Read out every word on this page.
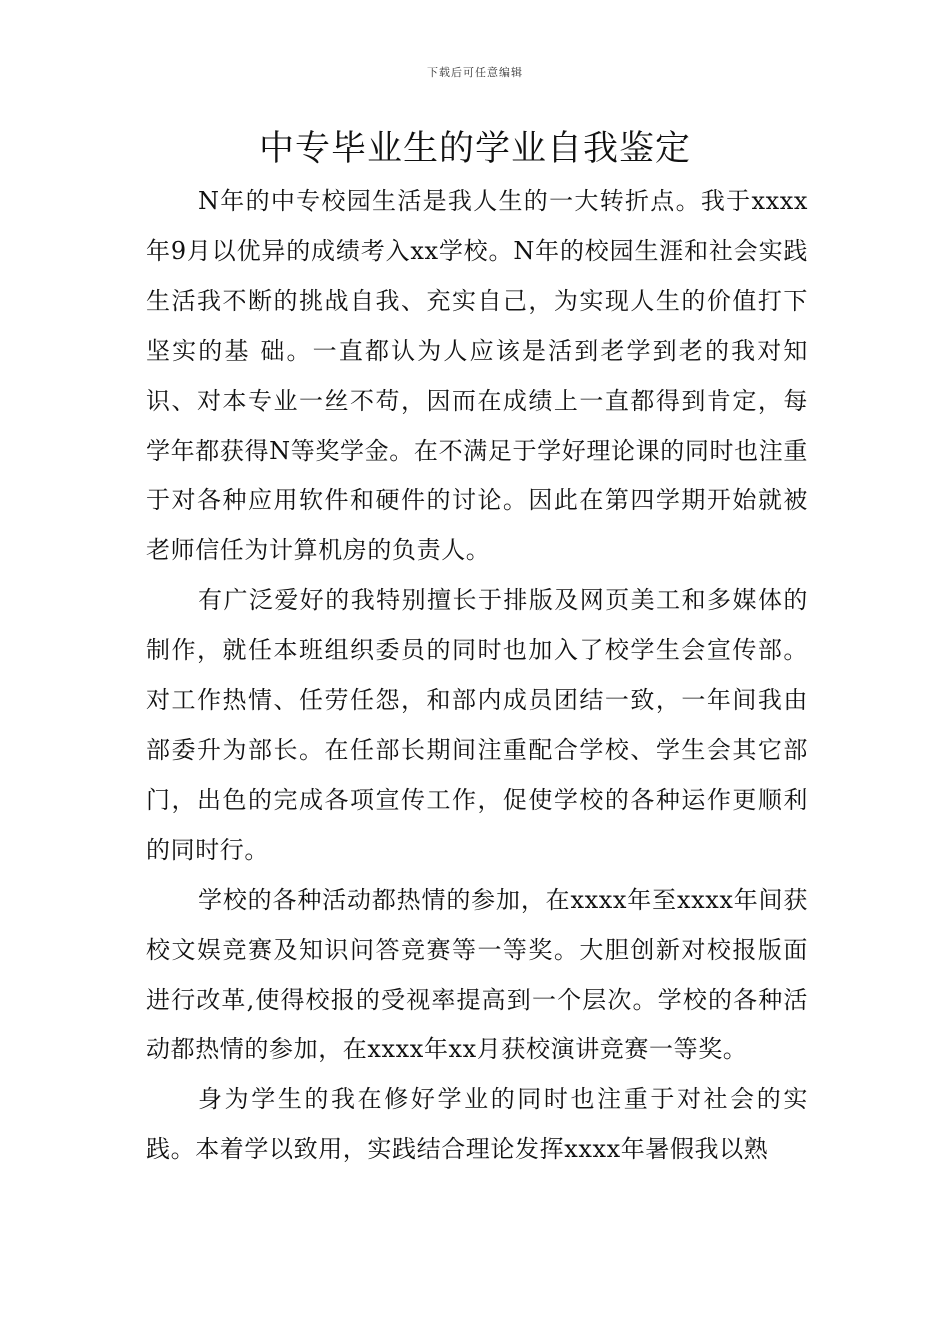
下载后可任意编辑
中专毕业生的学业自我鉴定

N年的中专校园生活是我人生的一大转折点。我于xxxx年9月以优异的成绩考入xx学校。N年的校园生涯和社会实践生活我不断的挑战自我、充实自己，为实现人生的价值打下坚实的基 础。一直都认为人应该是活到老学到老的我对知识、对本专业一丝不苟，因而在成绩上一直都得到肯定，每学年都获得N等奖学金。在不满足于学好理论课的同时也注重于对各种应用软件和硬件的讨论。因此在第四学期开始就被老师信任为计算机房的负责人。

有广泛爱好的我特别擅长于排版及网页美工和多媒体的制作，就任本班组织委员的同时也加入了校学生会宣传部。对工作热情、任劳任怨，和部内成员团结一致，一年间我由部委升为部长。在任部长期间注重配合学校、学生会其它部门，出色的完成各项宣传工作，促使学校的各种运作更顺利的同时行。

学校的各种活动都热情的参加，在xxxx年至xxxx年间获校文娱竞赛及知识问答竞赛等一等奖。大胆创新对校报版面进行改革,使得校报的受视率提高到一个层次。学校的各种活动都热情的参加，在xxxx年xx月获校演讲竞赛一等奖。

身为学生的我在修好学业的同时也注重于对社会的实践。本着学以致用，实践结合理论发挥xxxx年暑假我以熟
